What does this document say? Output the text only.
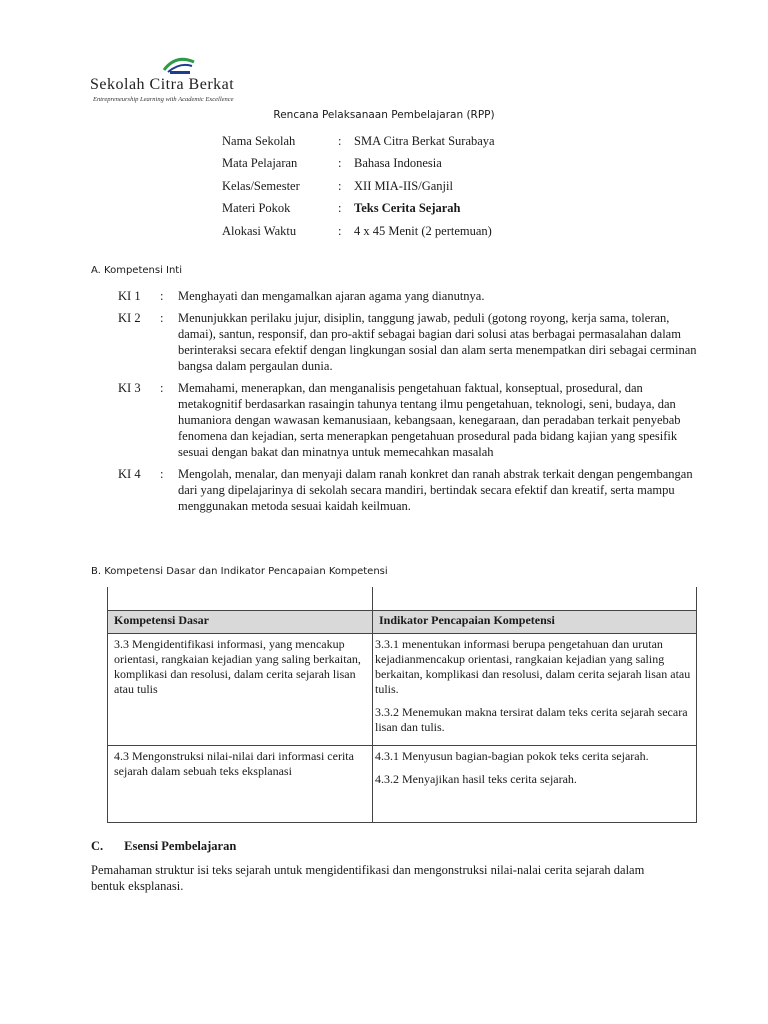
Sekolah Citra Berkat
Entrepreneurship Learning with Academic Excellence
Rencana Pelaksanaan Pembelajaran (RPP)
Nama Sekolah	:	SMA Citra Berkat Surabaya
Mata Pelajaran	:	Bahasa Indonesia
Kelas/Semester	:	XII MIA-IIS/Ganjil
Materi Pokok	:	Teks Cerita Sejarah
Alokasi Waktu	:	4 x 45 Menit (2 pertemuan)
A. Kompetensi Inti
KI 1	:	Menghayati dan mengamalkan ajaran agama yang dianutnya.
KI 2	:	Menunjukkan perilaku jujur, disiplin, tanggung jawab, peduli (gotong royong, kerja sama, toleran, damai), santun, responsif, dan pro-aktif sebagai bagian dari solusi atas berbagai permasalahan dalam berinteraksi secara efektif dengan lingkungan sosial dan alam serta menempatkan diri sebagai cerminan bangsa dalam pergaulan dunia.
KI 3	:	Memahami, menerapkan, dan menganalisis pengetahuan faktual, konseptual, prosedural, dan metakognitif berdasarkan rasaingin tahunya tentang ilmu pengetahuan, teknologi, seni, budaya, dan humaniora dengan wawasan kemanusiaan, kebangsaan, kenegaraan, dan peradaban terkait penyebab fenomena dan kejadian, serta menerapkan pengetahuan prosedural pada bidang kajian yang spesifik sesuai dengan bakat dan minatnya untuk memecahkan masalah
KI 4	:	Mengolah, menalar, dan menyaji dalam ranah konkret dan ranah abstrak terkait dengan pengembangan dari yang dipelajarinya di sekolah secara mandiri, bertindak secara efektif dan kreatif, serta mampu menggunakan metoda sesuai kaidah keilmuan.
B. Kompetensi Dasar dan Indikator Pencapaian Kompetensi
Kompetensi Dasar	Indikator Pencapaian Kompetensi
3.3 Mengidentifikasi informasi, yang mencakup orientasi, rangkaian kejadian yang saling berkaitan, komplikasi dan resolusi, dalam cerita sejarah lisan atau tulis	3.3.1 menentukan informasi berupa pengetahuan dan urutan kejadianmencakup orientasi, rangkaian kejadian yang saling berkaitan, komplikasi dan resolusi, dalam cerita sejarah lisan atau tulis.
3.3.2 Menemukan makna tersirat dalam teks cerita sejarah secara lisan dan tulis.

4.3 Mengonstruksi nilai-nilai dari informasi cerita sejarah dalam sebuah teks eksplanasi	4.3.1 Menyusun bagian-bagian pokok teks cerita sejarah.
4.3.2 Menyajikan hasil teks cerita sejarah.
C. Esensi Pembelajaran
Pemahaman struktur isi teks sejarah untuk mengidentifikasi dan mengonstruksi nilai-nalai cerita sejarah dalam bentuk eksplanasi.
